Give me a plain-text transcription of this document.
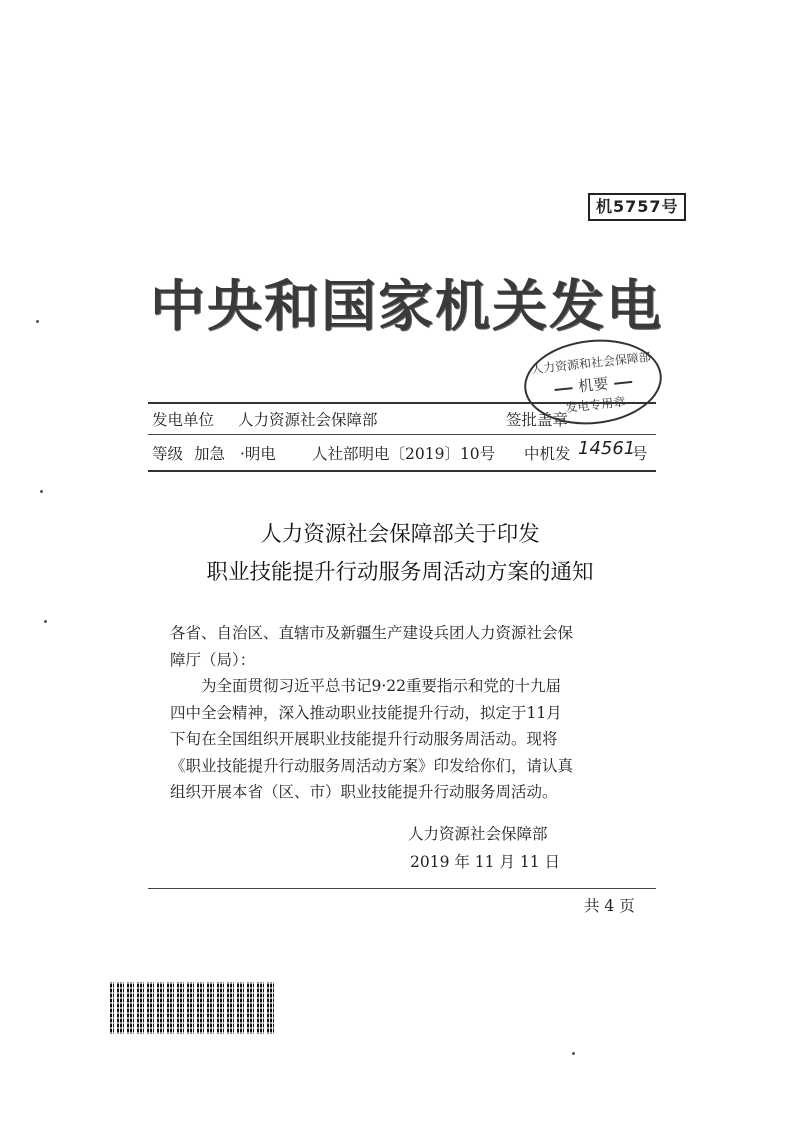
机5757号
中央和国家机关发电
发电单位 人力资源社会保障部	签批盖章
人力资源和社会保障部
机要
发电专用章
等级 加急 ·明电 人社部明电〔2019〕10号 中机发 14561
号
人力资源社会保障部关于印发
职业技能提升行动服务周活动方案的通知

各省、自治区、直辖市及新疆生产建设兵团人力资源社会保

障厅（局）：

为全面贯彻习近平总书记9·22重要指示和党的十九届

四中全会精神，深入推动职业技能提升行动，拟定于11月

下旬在全国组织开展职业技能提升行动服务周活动。现将

《职业技能提升行动服务周活动方案》印发给你们，请认真

组织开展本省（区、市）职业技能提升行动服务周活动。

人力资源社会保障部
2019 年 11 月 11 日
共 4 页
